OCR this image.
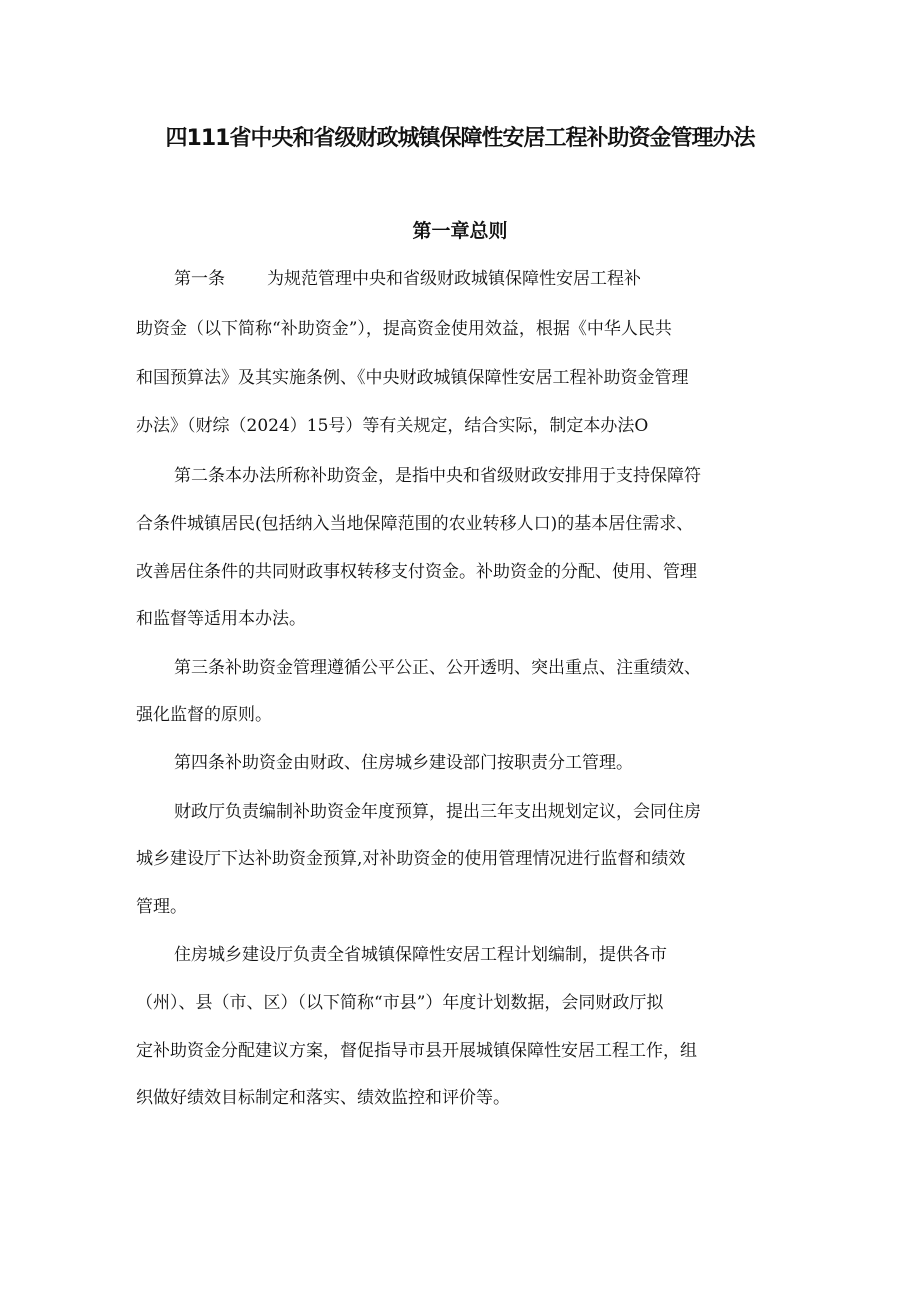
四111省中央和省级财政城镇保障性安居工程补助资金管理办法
第一章总则
第一条 为规范管理中央和省级财政城镇保障性安居工程补
助资金（以下简称“补助资金”），提高资金使用效益，根据《中华人民共
和国预算法》及其实施条例、《中央财政城镇保障性安居工程补助资金管理
办法》（财综（2024）15号）等有关规定，结合实际，制定本办法O
第二条本办法所称补助资金，是指中央和省级财政安排用于支持保障符
合条件城镇居民(包括纳入当地保障范围的农业转移人口)的基本居住需求、
改善居住条件的共同财政事权转移支付资金。补助资金的分配、使用、管理
和监督等适用本办法。
第三条补助资金管理遵循公平公正、公开透明、突出重点、注重绩效、
强化监督的原则。
第四条补助资金由财政、住房城乡建设部门按职责分工管理。
财政厅负责编制补助资金年度预算，提出三年支出规划定议，会同住房
城乡建设厅下达补助资金预算,对补助资金的使用管理情况进行监督和绩效
管理。
住房城乡建设厅负责全省城镇保障性安居工程计划编制，提供各市
（州）、县（市、区）（以下简称“市县”）年度计划数据，会同财政厅拟
定补助资金分配建议方案，督促指导市县开展城镇保障性安居工程工作，组
织做好绩效目标制定和落实、绩效监控和评价等。
